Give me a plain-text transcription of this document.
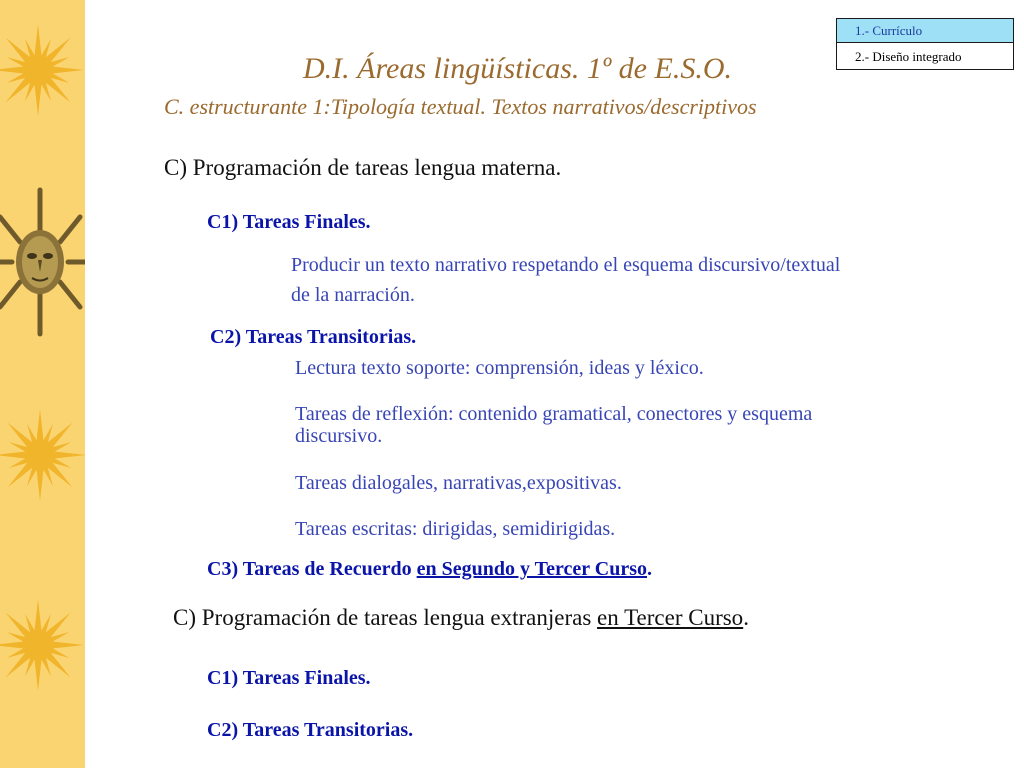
1.- Currículo
2.- Diseño integrado
D.I. Áreas lingüísticas. 1º de E.S.O.
C. estructurante 1:Tipología textual. Textos narrativos/descriptivos
C) Programación de tareas lengua materna.
C1) Tareas Finales.
Producir un texto narrativo respetando el esquema discursivo/textual
de la narración.
C2) Tareas Transitorias.
Lectura texto soporte: comprensión, ideas y léxico.
Tareas de reflexión: contenido gramatical, conectores y esquema
discursivo.
Tareas dialogales, narrativas,expositivas.
Tareas escritas: dirigidas, semidirigidas.
C3) Tareas de Recuerdo en Segundo y Tercer Curso.
C) Programación de tareas lengua extranjeras en Tercer Curso.
C1) Tareas Finales.
C2) Tareas Transitorias.
